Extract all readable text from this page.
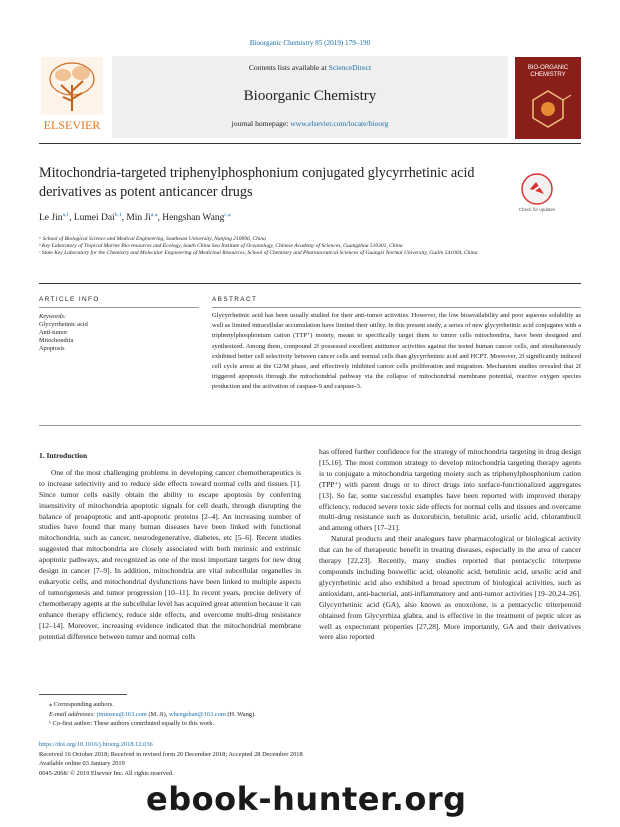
Bioorganic Chemistry 85 (2019) 179–190
Contents lists available at ScienceDirect
Bioorganic Chemistry
journal homepage: www.elsevier.com/locate/bioorg
ELSEVIER
BIO-ORGANIC CHEMISTRY
Mitochondria-targeted triphenylphosphonium conjugated glycyrrhetinic acid derivatives as potent anticancer drugs
Check for updates
Le Jin$^{a,1}$, Lumei Dai$^{b,1}$, Min $Ji^{a,⁎}$, Hengshan Wang$^{c,⁎}$
ᵃ School of Biological Science and Medical Engineering, Southeast University, Nanjing 210096, China
ᵇ Key Laboratory of Tropical Marine Bio-resources and Ecology, South China Sea Institute of Oceanology, Chinese Academy of Sciences, Guangzhou 510301, China
ᶜ State Key Laboratory for the Chemistry and Molecular Engineering of Medicinal Resources, School of Chemistry and Pharmaceutical Sciences of Guangxi Normal University, Guilin 541004, China
ARTICLE INFO	ABSTRACT
Keywords:
Glycyrrhetinic acid
Anti-tumor
Mitochondria
Apoptosis
Glycyrrhetinic acid has been usually studied for their anti-tumor activities. However, the low bioavailability and poor aqueous solubility as well as limited intracellular accumulation have limited their utility. In this present study, a series of new glycyrrhetinic acid conjugates with a triphenylphosphonium cation (TTP⁺) moiety, meant to specifically target them to tumor cells mitochondria, have been designed and synthesized. Among them, compound 2f possessed excellent antitumor activities against the tested human cancer cells, and simultaneously exhibited better cell selectivity between cancer cells and normal cells than glycyrrhetinic acid and HCPT. Moreover, 2f significantly induced cell cycle arrest at the G2/M phase, and effectively inhibited cancer cells proliferation and migration. Mechanism studies revealed that 2f triggered apoptosis through the mitochondrial pathway via the collapse of mitochondrial membrane potential, reactive oxygen species production and the activation of caspase-9 and caspase-3.
1. Introduction

One of the most challenging problems in developing cancer chemotherapeutics is to increase selectivity and to reduce side effects toward normal cells and tissues [1]. Since tumor cells easily obtain the ability to escape apoptosis by conferring insensitivity of mitochondria apoptotic signals for cell death, through disrupting the balance of proapoptotic and anti-apoptotic proteins [2–4]. An increasing number of studies have found that many human diseases have been linked with functional mitochondria, such as cancer, neurodegenerative, diabetes, etc [5–6]. Recent studies suggested that mitochondria are closely associated with both intrinsic and extrinsic apoptotic pathways, and recognized as one of the most important targets for new drug design in cancer [7–9]. In addition, mitochondria are vital subcellular organelles in eukaryotic cells, and mitochondrial dysfunctions have been linked to multiple aspects of tumorigenesis and tumor progression [10–11]. In recent years, precise delivery of chemotherapy agents at the subcellular level has acquired great attention because it can enhance therapy efficiency, reduce side effects, and overcome multi-drug resistance [12–14]. Moreover, increasing evidence indicated that the mitochondrial membrane potential difference between tumor and normal cells

has offered further confidence for the strategy of mitochondria targeting in drug design [15,16]. The most common strategy to develop mitochondria targeting therapy agents is to conjugate a mitochondria targeting moiety such as triphenylphosphonium cation (TPP⁺) with parent drugs or to direct drugs into surface-functionalized aggregates [13]. So far, some successful examples have been reported with improved therapy efficiency, reduced severe toxic side effects for normal cells and tissues and overcame multi-drug resistance such as doxorubicin, betulinic acid, ursolic acid, chlorambucil and among others [17–21].

Natural products and their analogues have pharmacological or biological activity that can be of therapeutic benefit in treating diseases, especially in the area of cancer therapy [22,23]. Recently, many studies reported that pentacyclic triterpene compounds including boswellic acid, oleanolic acid, betulinic acid, ursolic acid and glycyrrhetinic acid also exhibited a broad spectrum of biological activities, such as antioxidant, anti-bacterial, anti-inflammatory and anti-tumor activities [19–20,24–26]. Glycyrrhetinic acid (GA), also known as enoxolone, is a pentacyclic triterpenoid obtained from Glycyrrhiza glabra, and is effective in the treatment of peptic ulcer as well as expectorant properties [27,28]. More importantly, GA and their derivatives were also reported

⁎ Corresponding authors.
E-mail addresses: jiminseu@163.com (M. Ji), whengshan@163.com (H. Wang).
¹ Co-first author: These authors contributed equally to this work.
https://doi.org/10.1016/j.bioorg.2018.12.036
Received 16 October 2018; Received in revised form 20 December 2018; Accepted 28 December 2018
Available online 03 January 2019
0045-2068/ © 2019 Elsevier Inc. All rights reserved.
ebook-hunter.org
